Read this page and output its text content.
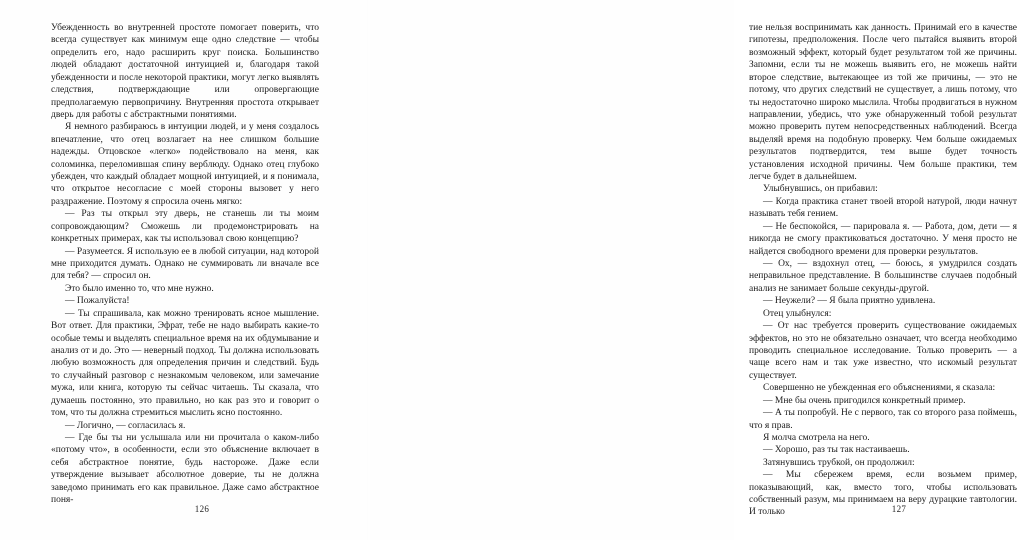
Убежденность во внутренней простоте помогает поверить, что всегда существует как минимум еще одно следствие — чтобы определить его, надо расширить круг поиска. Большинство людей обладают достаточной интуицией и, благодаря такой убежденности и после некоторой практики, могут легко выявлять следствия, подтверждающие или опровергающие предполагаемую первопричину. Внутренняя простота открывает дверь для работы с абстрактными понятиями.

Я немного разбираюсь в интуиции людей, и у меня создалось впечатление, что отец возлагает на нее слишком большие надежды. Отцовское «легко» подействовало на меня, как соломинка, переломившая спину верблюду. Однако отец глубоко убежден, что каждый обладает мощной интуицией, и я понимала, что открытое несогласие с моей стороны вызовет у него раздражение. Поэтому я спросила очень мягко:

— Раз ты открыл эту дверь, не станешь ли ты моим сопровождающим? Сможешь ли продемонстрировать на конкретных примерах, как ты использовал свою концепцию?

— Разумеется. Я использую ее в любой ситуации, над которой мне приходится думать. Однако не суммировать ли вначале все для тебя? — спросил он.

Это было именно то, что мне нужно.

— Пожалуйста!

— Ты спрашивала, как можно тренировать ясное мышление. Вот ответ. Для практики, Эфрат, тебе не надо выбирать какие-то особые темы и выделять специальное время на их обдумывание и анализ от и до. Это — неверный подход. Ты должна использовать любую возможность для определения причин и следствий. Будь то случайный разговор с незнакомым человеком, или замечание мужа, или книга, которую ты сейчас читаешь. Ты сказала, что думаешь постоянно, это правильно, но как раз это и говорит о том, что ты должна стремиться мыслить ясно постоянно.

— Логично, — согласилась я.

— Где бы ты ни услышала или ни прочитала о каком-либо «потому что», в особенности, если это объяснение включает в себя абстрактное понятие, будь настороже. Даже если утверждение вызывает абсолютное доверие, ты не должна заведомо принимать его как правильное. Даже само абстрактное поня-

126

тие нельзя воспринимать как данность. Принимай его в качестве гипотезы, предположения. После чего пытайся выявить второй возможный эффект, который будет результатом той же причины. Запомни, если ты не можешь выявить его, не можешь найти второе следствие, вытекающее из той же причины, — это не потому, что других следствий не существует, а лишь потому, что ты недостаточно широко мыслила. Чтобы продвигаться в нужном направлении, убедись, что уже обнаруженный тобой результат можно проверить путем непосредственных наблюдений. Всегда выделяй время на подобную проверку. Чем больше ожидаемых результатов подтвердится, тем выше будет точность установления исходной причины. Чем больше практики, тем легче будет в дальнейшем.

Улыбнувшись, он прибавил:

— Когда практика станет твоей второй натурой, люди начнут называть тебя гением.

— Не беспокойся, — парировала я. — Работа, дом, дети — я никогда не смогу практиковаться достаточно. У меня просто не найдется свободного времени для проверки результатов.

— Ох, — вздохнул отец, — боюсь, я умудрился создать неправильное представление. В большинстве случаев подобный анализ не занимает больше секунды-другой.

— Неужели? — Я была приятно удивлена.

Отец улыбнулся:

— От нас требуется проверить существование ожидаемых эффектов, но это не обязательно означает, что всегда необходимо проводить специальное исследование. Только проверить — а чаще всего нам и так уже известно, что искомый результат существует.

Совершенно не убежденная его объяснениями, я сказала:

— Мне бы очень пригодился конкретный пример.

— А ты попробуй. Не с первого, так со второго раза поймешь, что я прав.

Я молча смотрела на него.

— Хорошо, раз ты так настаиваешь.

Затянувшись трубкой, он продолжил:

— Мы сбережем время, если возьмем пример, показывающий, как, вместо того, чтобы использовать собственный разум, мы принимаем на веру дурацкие тавтологии. И только	127
